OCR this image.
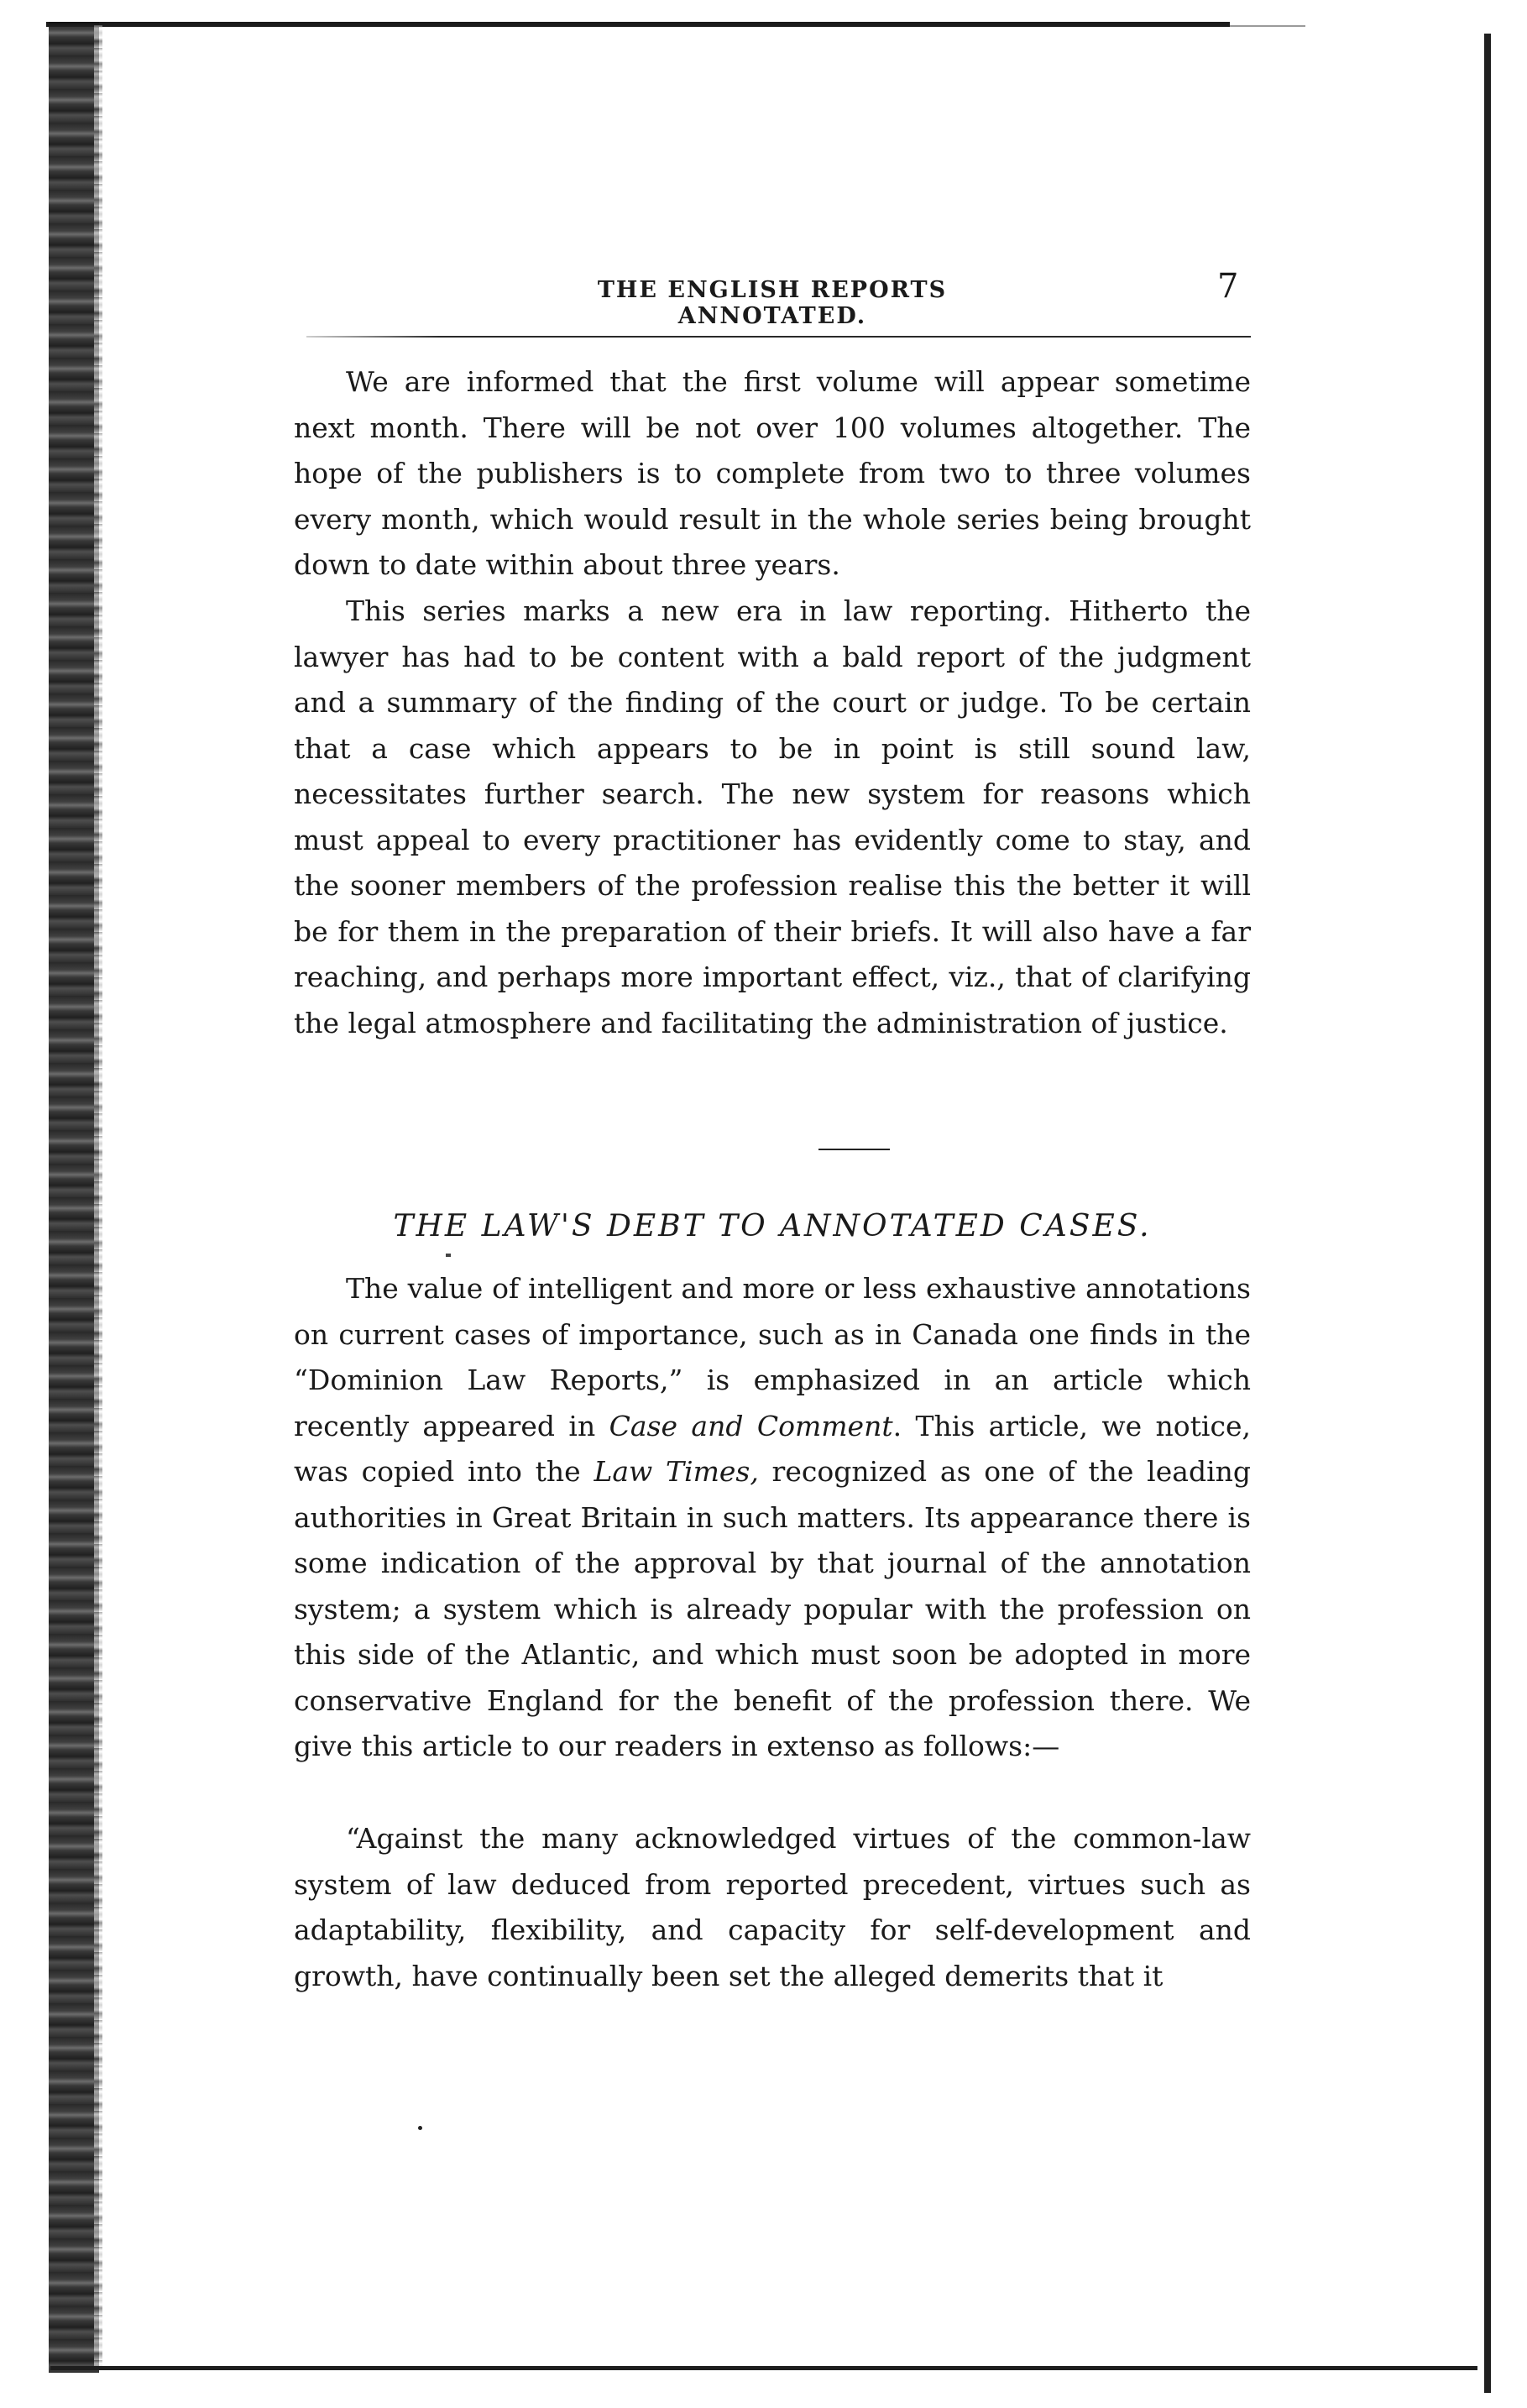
THE ENGLISH REPORTS ANNOTATED.
7

We are informed that the first volume will appear sometime next month. There will be not over 100 volumes altogether. The hope of the publishers is to complete from two to three volumes every month, which would result in the whole series being brought down to date within about three years.

This series marks a new era in law reporting. Hitherto the lawyer has had to be content with a bald report of the judgment and a summary of the finding of the court or judge. To be certain that a case which appears to be in point is still sound law, necessitates further search. The new system for reasons which must appeal to every practitioner has evidently come to stay, and the sooner members of the profession realise this the better it will be for them in the preparation of their briefs. It will also have a far reaching, and perhaps more important effect, viz., that of clarifying the legal atmosphere and facilitating the administration of justice.

THE LAW'S DEBT TO ANNOTATED CASES.

The value of intelligent and more or less exhaustive annotations on current cases of importance, such as in Canada one finds in the “Dominion Law Reports,” is emphasized in an article which recently appeared in Case and Comment. This article, we notice, was copied into the Law Times, recognized as one of the leading authorities in Great Britain in such matters. Its appearance there is some indication of the approval by that journal of the annotation system; a system which is already popular with the profession on this side of the Atlantic, and which must soon be adopted in more conservative England for the benefit of the profession there. We give this article to our readers in extenso as follows:—

“Against the many acknowledged virtues of the common-law system of law deduced from reported precedent, virtues such as adaptability, flexibility, and capacity for self-development and growth, have continually been set the alleged demerits that it
